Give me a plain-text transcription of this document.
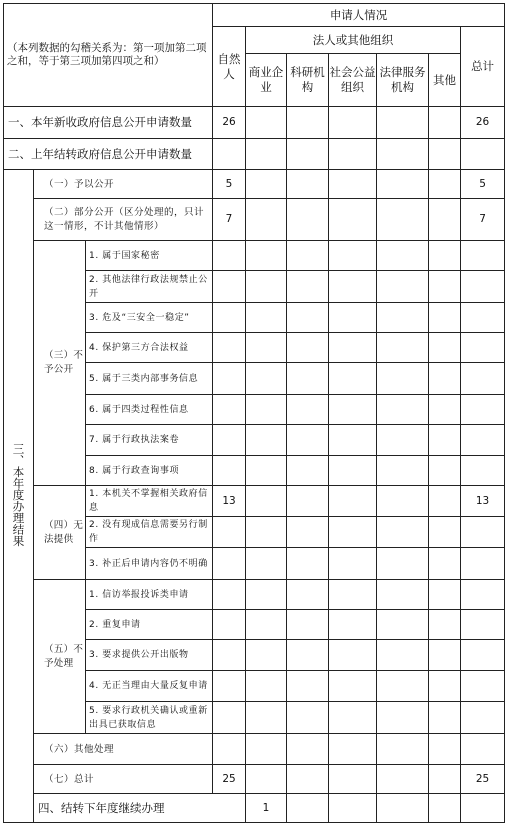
（本列数据的勾稽关系为：第一项加第二项之和，等于第三项加第四项之和）			申请人情况							
			自然人	法人或其他组织					总计	
				商业企业	科研机构	社会公益组织	法律服务机构	其他		
一、本年新收政府信息公开申请数量			26						26	
二、上年结转政府信息公开申请数量										
三、本年度办理结果	（一）予以公开		5						5	
	（二）部分公开（区分处理的，只计这一情形，不计其他情形）		7						7	
	（三）不予公开	1. 属于国家秘密								
		2. 其他法律行政法规禁止公开								
		3. 危及“三安全一稳定”								
		4. 保护第三方合法权益								
		5. 属于三类内部事务信息								
		6. 属于四类过程性信息								
		7. 属于行政执法案卷								
		8. 属于行政查询事项								
	（四）无法提供	1. 本机关不掌握相关政府信息	13						13	
		2. 没有现成信息需要另行制作								
		3. 补正后申请内容仍不明确								
	（五）不予处理	1. 信访举报投诉类申请								
		2. 重复申请								
		3. 要求提供公开出版物								
		4. 无正当理由大量反复申请								
		5. 要求行政机关确认或重新出具已获取信息								
	（六）其他处理									
	（七）总计		25						25	
	四、结转下年度继续办理			1						
